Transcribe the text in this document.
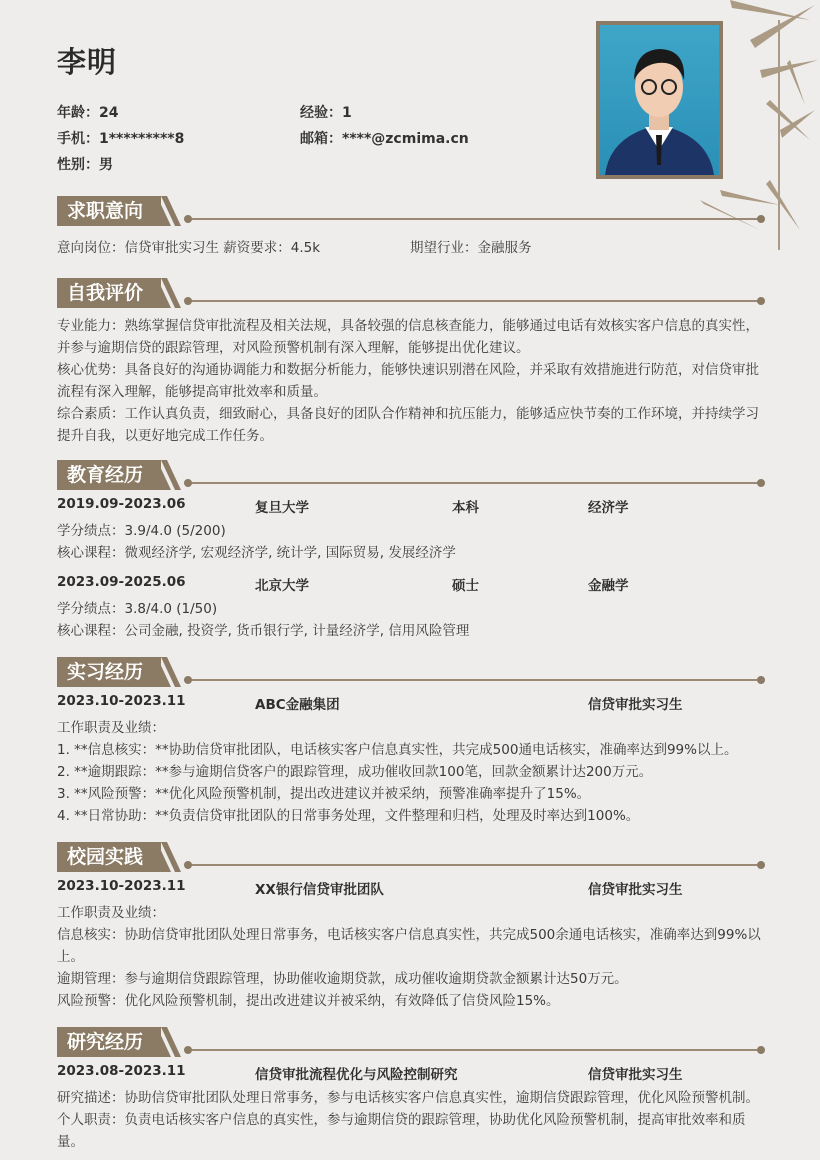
李明
年龄：24	经验：1
手机：1*********8	邮箱：****@zcmima.cn
性别：男
求职意向
意向岗位：信贷审批实习生 薪资要求：4.5k	期望行业：金融服务
自我评价
专业能力：熟练掌握信贷审批流程及相关法规，具备较强的信息核查能力，能够通过电话有效核实客户信息的真实性，并参与逾期信贷的跟踪管理，对风险预警机制有深入理解，能够提出优化建议。
核心优势：具备良好的沟通协调能力和数据分析能力，能够快速识别潜在风险，并采取有效措施进行防范，对信贷审批流程有深入理解，能够提高审批效率和质量。
综合素质：工作认真负责，细致耐心，具备良好的团队合作精神和抗压能力，能够适应快节奏的工作环境，并持续学习提升自我，以更好地完成工作任务。
教育经历
2019.09-2023.06	复旦大学	本科	经济学
学分绩点：3.9/4.0 (5/200)
核心课程：微观经济学, 宏观经济学, 统计学, 国际贸易, 发展经济学
2023.09-2025.06	北京大学	硕士	金融学
学分绩点：3.8/4.0 (1/50)
核心课程：公司金融, 投资学, 货币银行学, 计量经济学, 信用风险管理
实习经历
2023.10-2023.11	ABC金融集团	信贷审批实习生
工作职责及业绩：
1. **信息核实：**协助信贷审批团队，电话核实客户信息真实性，共完成500通电话核实，准确率达到99%以上。
2. **逾期跟踪：**参与逾期信贷客户的跟踪管理，成功催收回款100笔，回款金额累计达200万元。
3. **风险预警：**优化风险预警机制，提出改进建议并被采纳，预警准确率提升了15%。
4. **日常协助：**负责信贷审批团队的日常事务处理，文件整理和归档，处理及时率达到100%。
校园实践
2023.10-2023.11	XX银行信贷审批团队	信贷审批实习生
工作职责及业绩：
信息核实：协助信贷审批团队处理日常事务，电话核实客户信息真实性，共完成500余通电话核实，准确率达到99%以上。
逾期管理：参与逾期信贷跟踪管理，协助催收逾期贷款，成功催收逾期贷款金额累计达50万元。
风险预警：优化风险预警机制，提出改进建议并被采纳，有效降低了信贷风险15%。
研究经历
2023.08-2023.11	信贷审批流程优化与风险控制研究	信贷审批实习生
研究描述：协助信贷审批团队处理日常事务，参与电话核实客户信息真实性，逾期信贷跟踪管理，优化风险预警机制。
个人职责：负责电话核实客户信息的真实性，参与逾期信贷的跟踪管理，协助优化风险预警机制，提高审批效率和质量。
